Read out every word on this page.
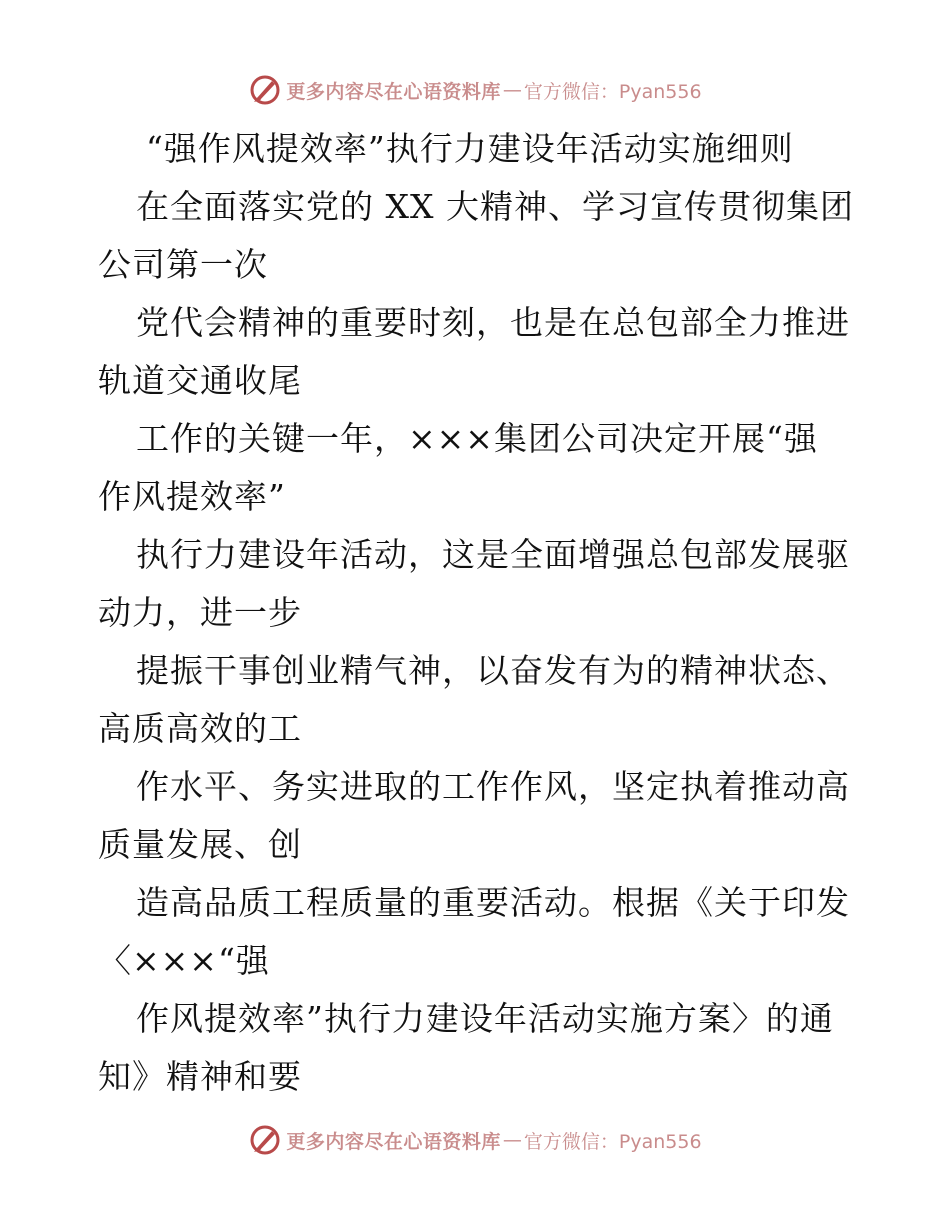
更多内容尽在心语资料库 — 官方微信：Pyan556
“强作风提效率”执行力建设年活动实施细则
在全面落实党的 XX 大精神、学习宣传贯彻集团
公司第一次
党代会精神的重要时刻，也是在总包部全力推进
轨道交通收尾
工作的关键一年，×××集团公司决定开展“强
作风提效率”
执行力建设年活动，这是全面增强总包部发展驱
动力，进一步
提振干事创业精气神，以奋发有为的精神状态、
高质高效的工
作水平、务实进取的工作作风，坚定执着推动高
质量发展、创
造高品质工程质量的重要活动。根据《关于印发
〈×××“强
作风提效率”执行力建设年活动实施方案〉的通
知》精神和要
更多内容尽在心语资料库 — 官方微信：Pyan556
